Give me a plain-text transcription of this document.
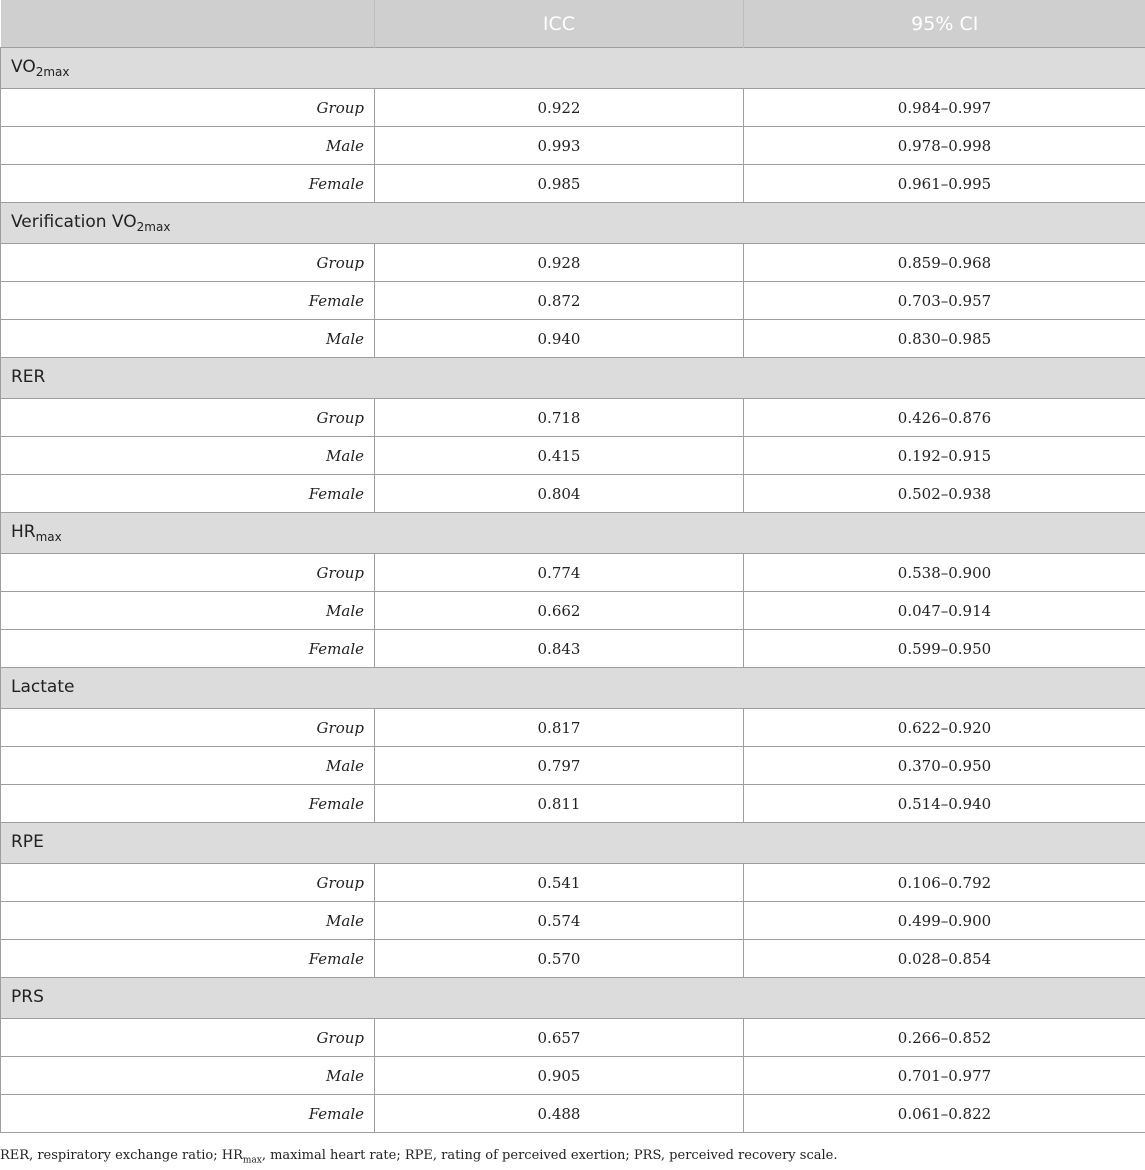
	ICC	95% CI
$VO_{2max}$
Group	0.922	0.984–0.997
Male	0.993	0.978–0.998
Female	0.985	0.961–0.995
Verification $VO_{2max}$
Group	0.928	0.859–0.968
Female	0.872	0.703–0.957
Male	0.940	0.830–0.985
RER		
Group	0.718	0.426–0.876
Male	0.415	0.192–0.915
Female	0.804	0.502–0.938
$HR_{max}$
Group	0.774	0.538–0.900
Male	0.662	0.047–0.914
Female	0.843	0.599–0.950
Lactate		
Group	0.817	0.622–0.920
Male	0.797	0.370–0.950
Female	0.811	0.514–0.940
RPE		
Group	0.541	0.106–0.792
Male	0.574	0.499–0.900
Female	0.570	0.028–0.854
PRS		
Group	0.657	0.266–0.852
Male	0.905	0.701–0.977
Female	0.488	0.061–0.822
RER, respiratory exchange ratio; $HR_{max}$, maximal heart rate; RPE, rating of perceived exertion; PRS, perceived recovery scale.
